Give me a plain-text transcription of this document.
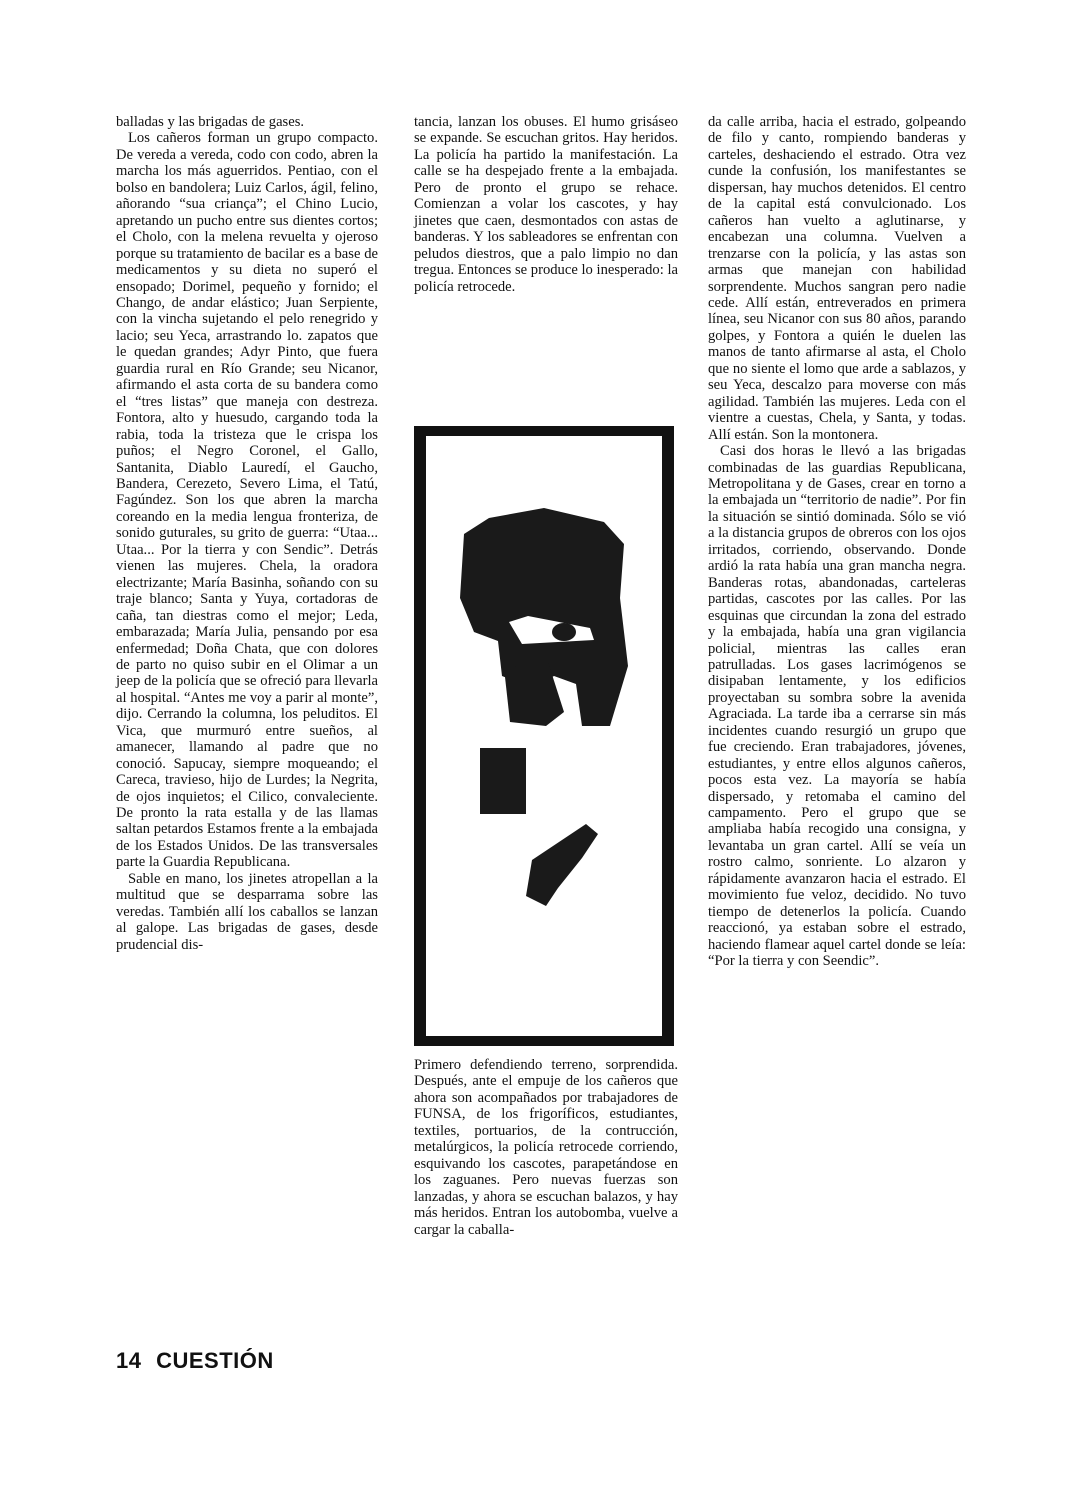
balladas y las brigadas de gases.

Los cañeros forman un grupo compacto. De vereda a vereda, codo con codo, abren la marcha los más aguerridos. Pentiao, con el bolso en bandolera; Luiz Carlos, ágil, felino, añorando “sua criança”; el Chino Lucio, apretando un pucho entre sus dientes cortos; el Cholo, con la melena revuelta y ojeroso porque su tratamiento de bacilar es a base de medicamentos y su dieta no superó el ensopado; Dorimel, pequeño y fornido; el Chango, de andar elástico; Juan Serpiente, con la vincha sujetando el pelo renegrido y lacio; seu Yeca, arrastrando lo. zapatos que le quedan grandes; Adyr Pinto, que fuera guardia rural en Río Grande; seu Nicanor, afirmando el asta corta de su bandera como el “tres listas” que maneja con destreza. Fontora, alto y huesudo, cargando toda la rabia, toda la tristeza que le crispa los puños; el Negro Coronel, el Gallo, Santanita, Diablo Lauredí, el Gaucho, Bandera, Cerezeto, Severo Lima, el Tatú, Fagúndez. Son los que abren la marcha coreando en la media lengua fronteriza, de sonido guturales, su grito de guerra: “Utaa... Utaa... Por la tierra y con Sendic”. Detrás vienen las mujeres. Chela, la oradora electrizante; María Basinha, soñando con su traje blanco; Santa y Yuya, cortadoras de caña, tan diestras como el mejor; Leda, embarazada; María Julia, pensando por esa enfermedad; Doña Chata, que con dolores de parto no quiso subir en el Olimar a un jeep de la policía que se ofreció para llevarla al hospital. “Antes me voy a parir al monte”, dijo. Cerrando la columna, los peluditos. El Vica, que murmuró entre sueños, al amanecer, llamando al padre que no conoció. Sapucay, siempre moqueando; el Careca, travieso, hijo de Lurdes; la Negrita, de ojos inquietos; el Cilico, convaleciente. De pronto la rata estalla y de las llamas saltan petardos Estamos frente a la embajada de los Estados Unidos. De las transversales parte la Guardia Republicana.

Sable en mano, los jinetes atropellan a la multitud que se desparrama sobre las veredas. También allí los caballos se lanzan al galope. Las brigadas de gases, desde prudencial dis-

tancia, lanzan los obuses. El humo grisáseo se expande. Se escuchan gritos. Hay heridos. La policía ha partido la manifestación. La calle se ha despejado frente a la embajada. Pero de pronto el grupo se rehace. Comienzan a volar los cascotes, y hay jinetes que caen, desmontados con astas de banderas. Y los sableadores se enfrentan con peludos diestros, que a palo limpio no dan tregua. Entonces se produce lo inesperado: la policía retrocede.

Primero defendiendo terreno, sorprendida. Después, ante el empuje de los cañeros que ahora son acompañados por trabajadores de FUNSA, de los frigoríficos, estudiantes, textiles, portuarios, de la contrucción, metalúrgicos, la policía retrocede corriendo, esquivando los cascotes, parapetándose en los zaguanes. Pero nuevas fuerzas son lanzadas, y ahora se escuchan balazos, y hay más heridos. Entran los autobomba, vuelve a cargar la caballa-

da calle arriba, hacia el estrado, golpeando de filo y canto, rompiendo banderas y carteles, deshaciendo el estrado. Otra vez cunde la confusión, los manifestantes se dispersan, hay muchos detenidos. El centro de la capital está convulcionado. Los cañeros han vuelto a aglutinarse, y encabezan una columna. Vuelven a trenzarse con la policía, y las astas son armas que manejan con habilidad sorprendente. Muchos sangran pero nadie cede. Allí están, entreverados en primera línea, seu Nicanor con sus 80 años, parando golpes, y Fontora a quién le duelen las manos de tanto afirmarse al asta, el Cholo que no siente el lomo que arde a sablazos, y seu Yeca, descalzo para moverse con más agilidad. También las mujeres. Leda con el vientre a cuestas, Chela, y Santa, y todas. Allí están. Son la montonera.

Casi dos horas le llevó a las brigadas combinadas de las guardias Republicana, Metropolitana y de Gases, crear en torno a la embajada un “territorio de nadie”. Por fin la situación se sintió dominada. Sólo se vió a la distancia grupos de obreros con los ojos irritados, corriendo, observando. Donde ardió la rata había una gran mancha negra. Banderas rotas, abandonadas, carteleras partidas, cascotes por las calles. Por las esquinas que circundan la zona del estrado y la embajada, había una gran vigilancia policial, mientras las calles eran patrulladas. Los gases lacrimógenos se disipaban lentamente, y los edificios proyectaban su sombra sobre la avenida Agraciada. La tarde iba a cerrarse sin más incidentes cuando resurgió un grupo que fue creciendo. Eran trabajadores, jóvenes, estudiantes, y entre ellos algunos cañeros, pocos esta vez. La mayoría se había dispersado, y retomaba el camino del campamento. Pero el grupo que se ampliaba había recogido una consigna, y levantaba un gran cartel. Allí se veía un rostro calmo, sonriente. Lo alzaron y rápidamente avanzaron hacia el estrado. El movimiento fue veloz, decidido. No tuvo tiempo de detenerlos la policía. Cuando reaccionó, ya estaban sobre el estrado, haciendo flamear aquel cartel donde se leía: “Por la tierra y con Seendic”.

14 CUESTIÓN
